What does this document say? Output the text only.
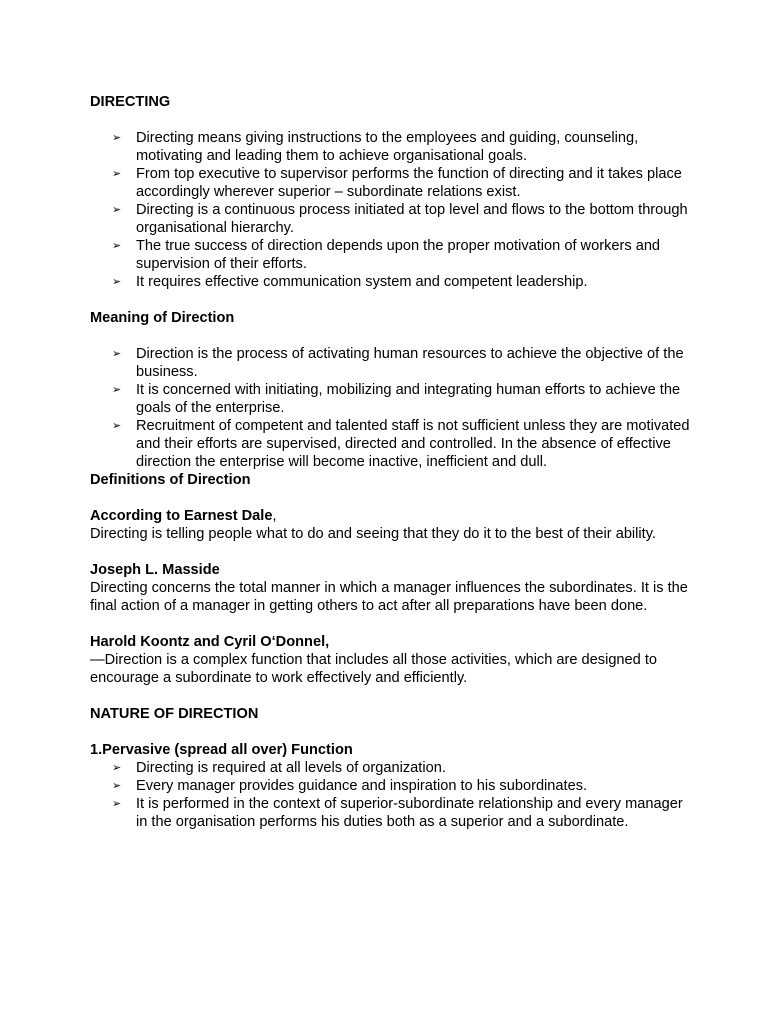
DIRECTING

➢	Directing means giving instructions to the employees and guiding, counseling, motivating and leading them to achieve organisational goals.
➢	From top executive to supervisor performs the function of directing and it takes place accordingly wherever superior – subordinate relations exist.
➢	Directing is a continuous process initiated at top level and flows to the bottom through organisational hierarchy.
➢	The true success of direction depends upon the proper motivation of workers and supervision of their efforts.
➢	It requires effective communication system and competent leadership.

Meaning of Direction

➢	Direction is the process of activating human resources to achieve the objective of the business.
➢	It is concerned with initiating, mobilizing and integrating human efforts to achieve the goals of the enterprise.
➢	Recruitment of competent and talented staff is not sufficient unless they are motivated and their efforts are supervised, directed and controlled. In the absence of effective direction the enterprise will become inactive, inefficient and dull.

Definitions of Direction

According to Earnest Dale,

Directing is telling people what to do and seeing that they do it to the best of their ability.

Joseph L. Masside

Directing concerns the total manner in which a manager influences the subordinates. It is the final action of a manager in getting others to act after all preparations have been done.

Harold Koontz and Cyril O‘Donnel,

―Direction is a complex function that includes all those activities, which are designed to encourage a subordinate to work effectively and efficiently.

NATURE OF DIRECTION

1.Pervasive (spread all over) Function

➢	Directing is required at all levels of organization.
➢	Every manager provides guidance and inspiration to his subordinates.
➢	It is performed in the context of superior-subordinate relationship and every manager in the organisation performs his duties both as a superior and a subordinate.
